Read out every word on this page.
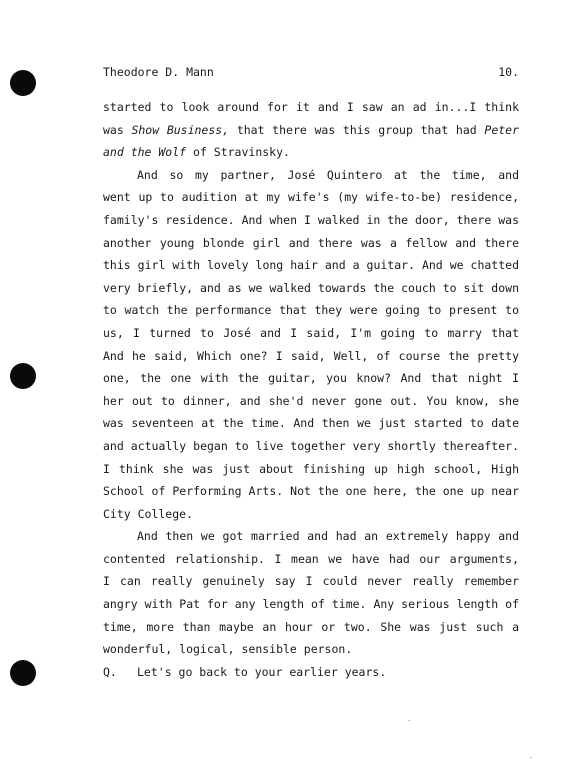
Theodore D. Mann	10.
started to look around for it and I saw an ad in...I think
was Show Business, that there was this group that had Peter
and the Wolf of Stravinsky.
And so my partner, José Quintero at the time, and
went up to audition at my wife's (my wife-to-be) residence,
family's residence. And when I walked in the door, there was
another young blonde girl and there was a fellow and there
this girl with lovely long hair and a guitar. And we chatted
very briefly, and as we walked towards the couch to sit down
to watch the performance that they were going to present to
us, I turned to José and I said, I'm going to marry that
And he said, Which one? I said, Well, of course the pretty
one, the one with the guitar, you know? And that night I
her out to dinner, and she'd never gone out. You know, she
was seventeen at the time. And then we just started to date
and actually began to live together very shortly thereafter.
I think she was just about finishing up high school, High
School of Performing Arts. Not the one here, the one up near
City College.
And then we got married and had an extremely happy and
contented relationship. I mean we have had our arguments,
I can really genuinely say I could never really remember
angry with Pat for any length of time. Any serious length of
time, more than maybe an hour or two. She was just such a
wonderful, logical, sensible person.
Q. Let's go back to your earlier years.
